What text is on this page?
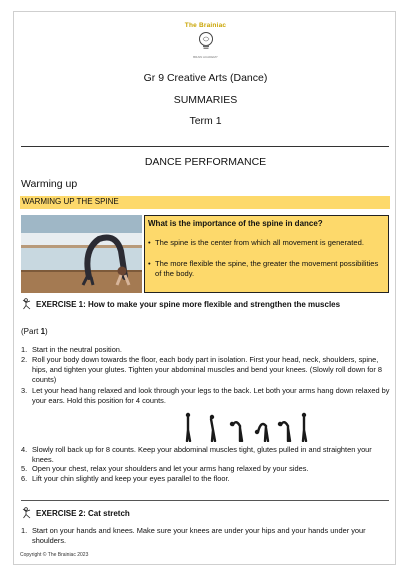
The Brainiac
BRAIN ACADEMY
Gr 9 Creative Arts (Dance)
SUMMARIES
Term 1
DANCE PERFORMANCE
Warming up
WARMING UP THE SPINE
What is the importance of the spine in dance?
• The spine is the center from which all movement is generated.
• The more flexible the spine, the greater the movement possibilities of the body.
EXERCISE 1: How to make your spine more flexible and strengthen the muscles
(Part 1)
1. Start in the neutral position.
2. Roll your body down towards the floor, each body part in isolation. First your head, neck, shoulders, spine, hips, and tighten your glutes. Tighten your abdominal muscles and bend your knees. (Slowly roll down for 8 counts)
3. Let your head hang relaxed and look through your legs to the back. Let both your arms hang down relaxed by your ears. Hold this position for 4 counts.
4. Slowly roll back up for 8 counts. Keep your abdominal muscles tight, glutes pulled in and straighten your knees.
5. Open your chest, relax your shoulders and let your arms hang relaxed by your sides.
6. Lift your chin slightly and keep your eyes parallel to the floor.
EXERCISE 2: Cat stretch
1. Start on your hands and knees. Make sure your knees are under your hips and your hands under your shoulders.
Copyright © The Brainiac 2023
